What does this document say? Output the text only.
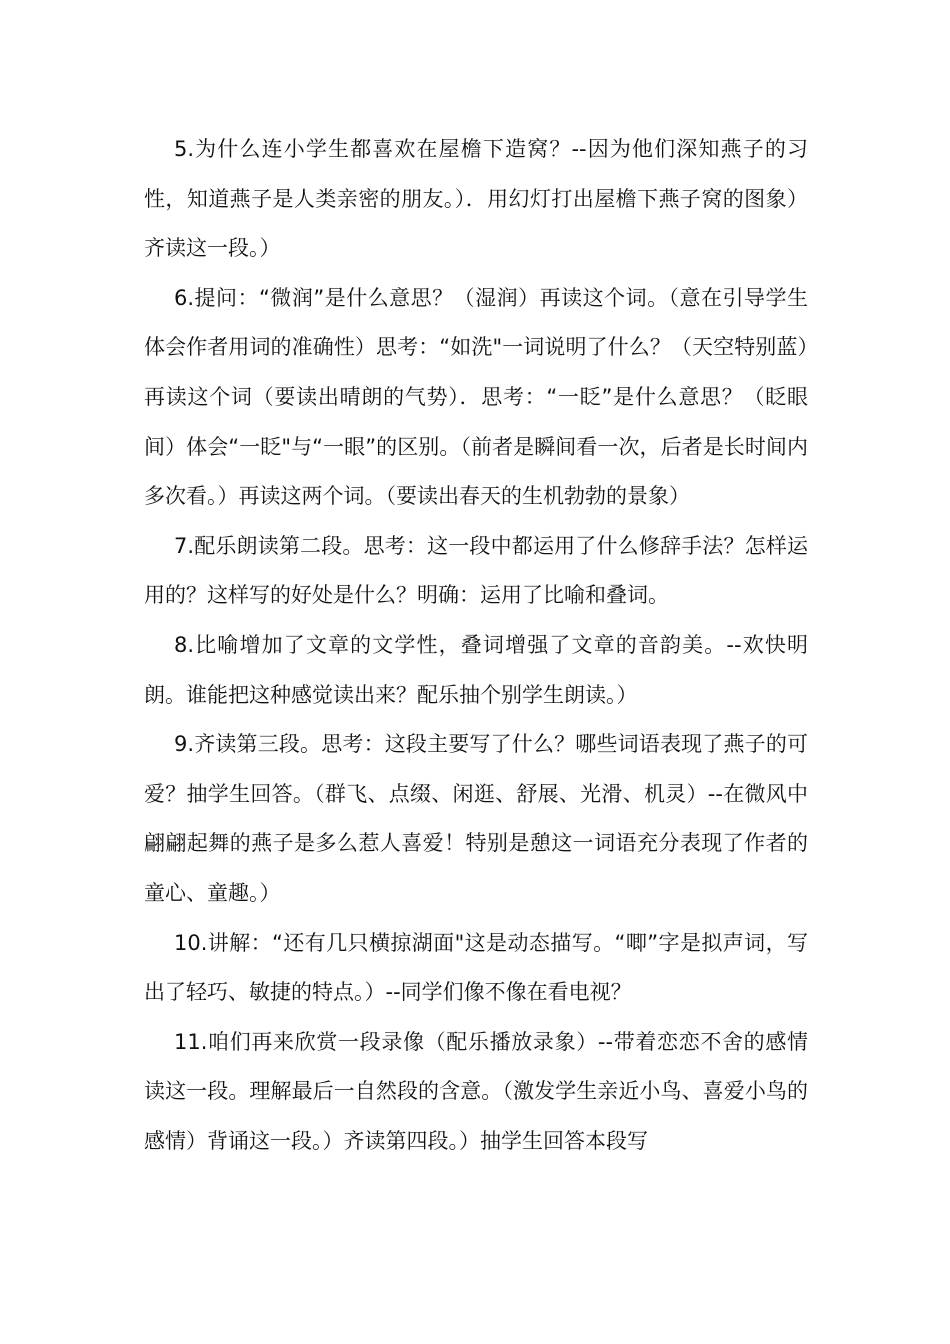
5.为什么连小学生都喜欢在屋檐下造窝？--因为他们深知燕子的习性，知道燕子是人类亲密的朋友。）．用幻灯打出屋檐下燕子窝的图象）齐读这一段。）

6.提问：“微润”是什么意思？（湿润）再读这个词。（意在引导学生体会作者用词的准确性）思考：“如洗"一词说明了什么？（天空特别蓝）再读这个词（要读出晴朗的气势）．思考：“一眨”是什么意思？（眨眼间）体会“一眨"与“一眼”的区别。（前者是瞬间看一次，后者是长时间内多次看。）再读这两个词。（要读出春天的生机勃勃的景象）

7.配乐朗读第二段。思考：这一段中都运用了什么修辞手法？怎样运用的？这样写的好处是什么？明确：运用了比喻和叠词。

8.比喻增加了文章的文学性，叠词增强了文章的音韵美。--欢快明朗。谁能把这种感觉读出来？配乐抽个别学生朗读。）

9.齐读第三段。思考：这段主要写了什么？哪些词语表现了燕子的可爱？抽学生回答。（群飞、点缀、闲逛、舒展、光滑、机灵）--在微风中翩翩起舞的燕子是多么惹人喜爱！特别是憩这一词语充分表现了作者的童心、童趣。）

10.讲解：“还有几只横掠湖面"这是动态描写。“唧”字是拟声词，写出了轻巧、敏捷的特点。）--同学们像不像在看电视？

11.咱们再来欣赏一段录像（配乐播放录象）--带着恋恋不舍的感情读这一段。理解最后一自然段的含意。（激发学生亲近小鸟、喜爱小鸟的感情）背诵这一段。）齐读第四段。）抽学生回答本段写
